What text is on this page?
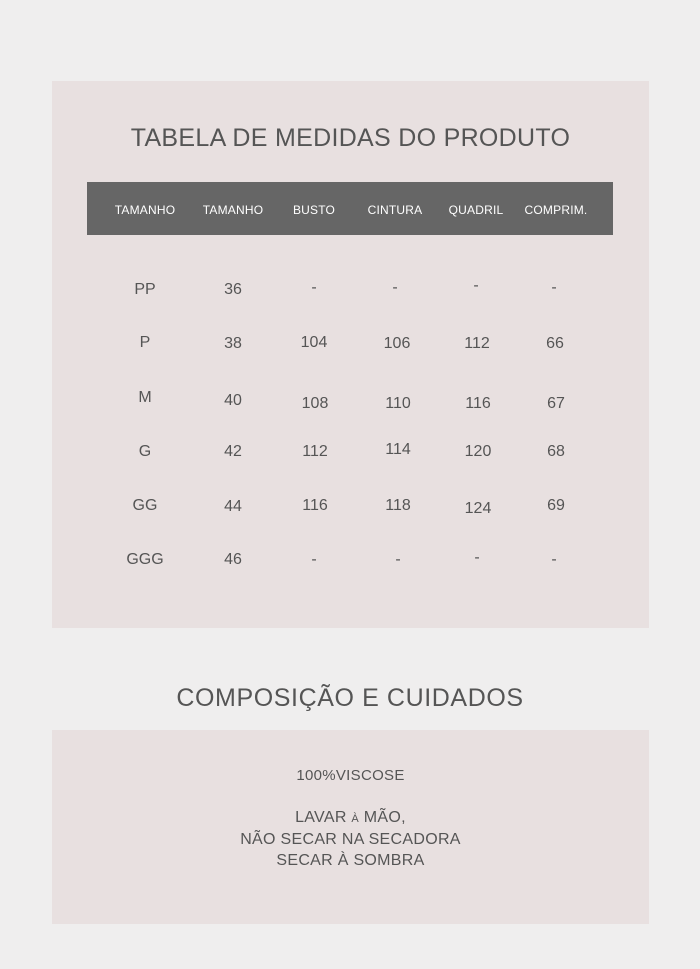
TABELA DE MEDIDAS DO PRODUTO
TAMANHO	TAMANHO	BUSTO	CINTURA	QUADRIL	COMPRIM.
PP	36	-	-	-	-
P	38	104	106	112	66
M	40	108	110	116	67
G	42	112	114	120	68
GG	44	116	118	124	69
GGG	46	-	-	-	-
COMPOSIÇÃO E CUIDADOS
100%VISCOSE
LAVAR À MÃO,
NÃO SECAR NA SECADORA
SECAR À SOMBRA
